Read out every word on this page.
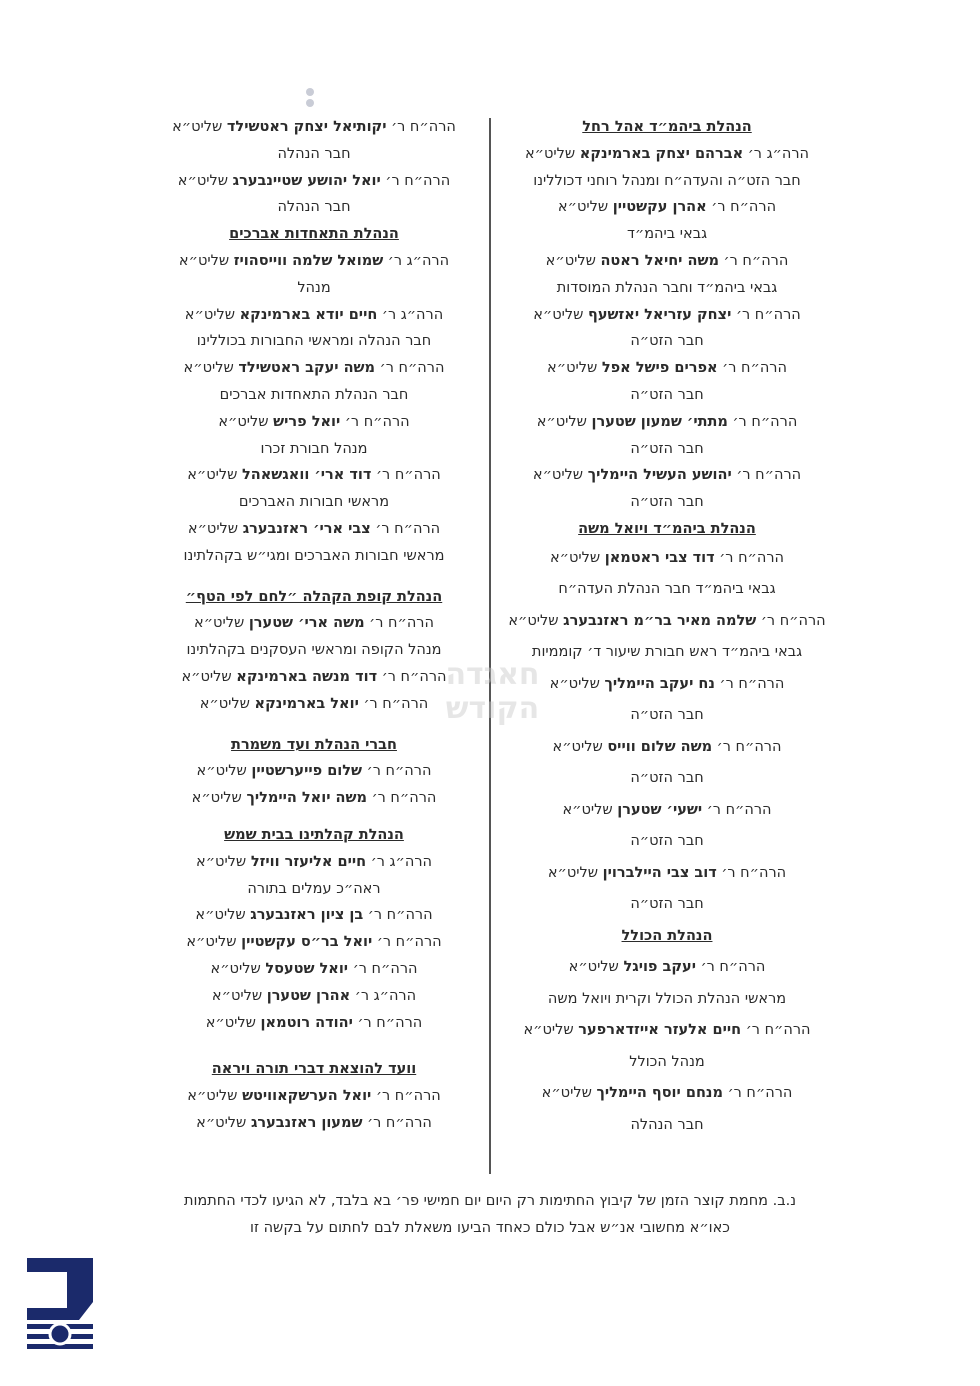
הנהלת ביהמ״ד אהל רחל
הרה״ג ר׳ אברהם יצחק בארמינקא שליט״א
חבר הזט״ה והעדה״ח ומנהל רוחני דכוללינו
הרה״ח ר׳ אהרן עקשטיין שליט״א
גבאי ביהמ״ד
הרה״ח ר׳ משה יחיאל ראטה שליט״א
גבאי ביהמ״ד וחבר הנהלת המוסדות
הרה״ח ר׳ יצחק עזריאל יאזשעף שליט״א
חבר הזט״ה
הרה״ח ר׳ אפרים פישל אפל שליט״א
חבר הזט״ה
הרה״ח ר׳ מתתי׳ שמעון שטערן שליט״א
חבר הזט״ה
הרה״ח ר׳ יהושע העשיל היימליך שליט״א
חבר הזט״ה
הנהלת ביהמ״ד ויואל משה
הרה״ח ר׳ דוד צבי ראטמאן שליט״א
גבאי ביהמ״ד חבר הנהלת העדה״ח
הרה״ח ר׳ שלמה מאיר בר״מ ראזנבערג שליט״א
גבאי ביהמ״ד ראש חבורת שיעור ד׳ קוממיות
הרה״ח ר׳ נח יעקב היימליך שליט״א
חבר הזט״ה
הרה״ח ר׳ משה שלום ווייס שליט״א
חבר הזט״ה
הרה״ח ר׳ ישעי׳ שטערן שליט״א
חבר הזט״ה
הרה״ח ר׳ דוב צבי היילברוין שליט״א
חבר הזט״ה
הנהלת הכולל
הרה״ח ר׳ יעקב פויגל שליט״א
מראשי הנהלת הכולל וקרית ויואל משה
הרה״ח ר׳ חיים אלעזר אייזדארפער שליט״א
מנהל הכולל
הרה״ח ר׳ מנחם יוסף היימליך שליט״א
חבר הנהלה
הרה״ח ר׳ יקותיאל יצחק ראטשילד שליט״א
חבר הנהלה
הרה״ח ר׳ יואל יהושע שטיינבערג שליט״א
חבר הנהלה
הנהלת התאחדות אברכים
הרה״ג ר׳ שמואל שלמה ווייסהויז שליט״א
מנהל
הרה״ג ר׳ חיים יודא בארמינקא שליט״א
חבר הנהלה ומראשי החבורות בכוללינו
הרה״ח ר׳ משה יעקב ראטשילד שליט״א
חבר הנהלת התאחדות אברכים
הרה״ח ר׳ יואל פריש שליט״א
מנהל חבורת זכרו
הרה״ח ר׳ דוד ארי׳ וואגשאהל שליט״א
מראשי חבורות האברכים
הרה״ח ר׳ צבי ארי׳ ראזנבערג שליט״א
מראשי חבורות האברכים ומגי״ש בקהלתינו
הנהלת קופת הקהלה ״לחם לפי הטף״
הרה״ח ר׳ משה ארי׳ שטערן שליט״א
מנהל הקופה ומראשי העסקנים בקהלתינו
הרה״ח ר׳ דוד מנשה בארמינקא שליט״א
הרה״ח ר׳ יואל בארמינקא שליט״א
חברי הנהלת ועד משמרת
הרה״ח ר׳ שלום פייערשטיין שליט״א
הרה״ח ר׳ משה יואל היימליך שליט״א
הנהלת קהלתינו בבית שמש
הרה״ג ר׳ חיים אליעזר וויזל שליט״א
ראה״כ עמלים בתורה
הרה״ח ר׳ בן ציון ראזנבערג שליט״א
הרה״ח ר׳ יואל בר״ס עקשטיין שליט״א
הרה״ח ר׳ יואל שטעסל שליט״א
הרה״ג ר׳ אהרן שטערן שליט״א
הרה״ח ר׳ יהודה רוטמאן שליט״א
וועד להוצאת דברי תורה ויראה
הרה״ח ר׳ יואל הערשקאוויטש שליט״א
הרה״ח ר׳ שמעון ראזנבערג שליט״א
חאגדה
הקודש
נ.ב. מחמת קוצר הזמן של קיבוץ החתימות רק היום יום חמישי פר׳ בא בלבד, לא הגיעו לכדי החתמות
כאו״א מחשובי אנ״ש אבל כולם כאחד הביעו משאלת לבם לחתום על בקשה זו
